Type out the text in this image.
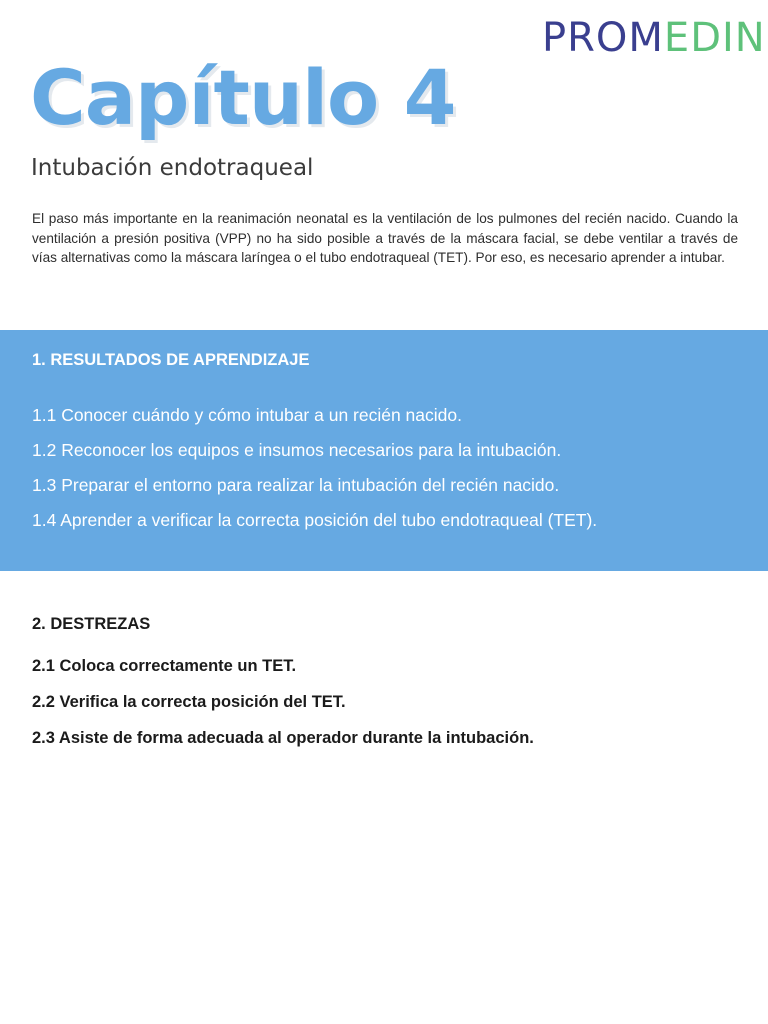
PROM EDIN
Capítulo 4
Intubación endotraqueal

El paso más importante en la reanimación neonatal es la ventilación de los pulmones del recién nacido. Cuando la ventilación a presión positiva (VPP) no ha sido posible a través de la máscara facial, se debe ventilar a través de vías alternativas como la máscara laríngea o el tubo endotraqueal (TET). Por eso, es necesario aprender a intubar.

1. RESULTADOS DE APRENDIZAJE
1.1 Conocer cuándo y cómo intubar a un recién nacido.
1.2 Reconocer los equipos e insumos necesarios para la intubación.
1.3 Preparar el entorno para realizar la intubación del recién nacido.
1.4 Aprender a verificar la correcta posición del tubo endotraqueal (TET).
2. DESTREZAS
2.1 Coloca correctamente un TET.
2.2 Verifica la correcta posición del TET.
2.3 Asiste de forma adecuada al operador durante la intubación.
